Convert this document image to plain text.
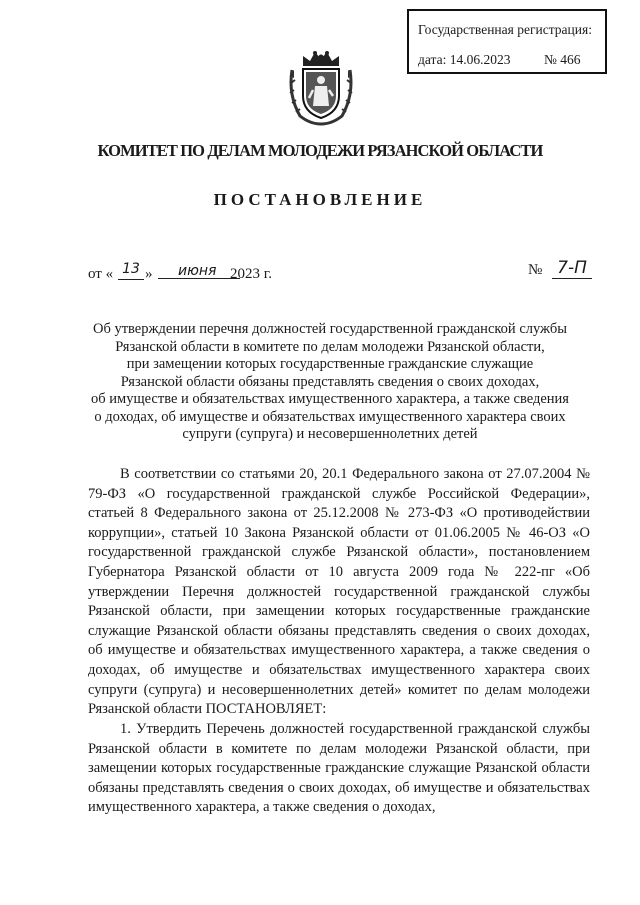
Государственная регистрация:
дата: 14.06.2023 № 466
КОМИТЕТ ПО ДЕЛАМ МОЛОДЕЖИ РЯЗАНСКОЙ ОБЛАСТИ
ПОСТАНОВЛЕНИЕ
от « 13 »	июня 2023 г.	№ 7-П
Об утверждении перечня должностей государственной гражданской службы
Рязанской области в комитете по делам молодежи Рязанской области,
при замещении которых государственные гражданские служащие
Рязанской области обязаны представлять сведения о своих доходах,
об имуществе и обязательствах имущественного характера, а также сведения
о доходах, об имуществе и обязательствах имущественного характера своих
супруги (супруга) и несовершеннолетних детей
В соответствии со статьями 20, 20.1 Федерального закона от 27.07.2004 № 79-ФЗ «О государственной гражданской службе Российской Федерации», статьей 8 Федерального закона от 25.12.2008 № 273-ФЗ «О противодействии коррупции», статьей 10 Закона Рязанской области от 01.06.2005 № 46-ОЗ «О государственной гражданской службе Рязанской области», постановлением Губернатора Рязанской области от 10 августа 2009 года № 222-пг «Об утверждении Перечня должностей государственной гражданской службы Рязанской области, при замещении которых государственные гражданские служащие Рязанской области обязаны представлять сведения о своих доходах, об имуществе и обязательствах имущественного характера, а также сведения о доходах, об имуществе и обязательствах имущественного характера своих супруги (супруга) и несовершеннолетних детей» комитет по делам молодежи Рязанской области ПОСТАНОВЛЯЕТ:
1. Утвердить Перечень должностей государственной гражданской службы Рязанской области в комитете по делам молодежи Рязанской области, при замещении которых государственные гражданские служащие Рязанской области обязаны представлять сведения о своих доходах, об имуществе и обязательствах имущественного характера, а также сведения о доходах,
